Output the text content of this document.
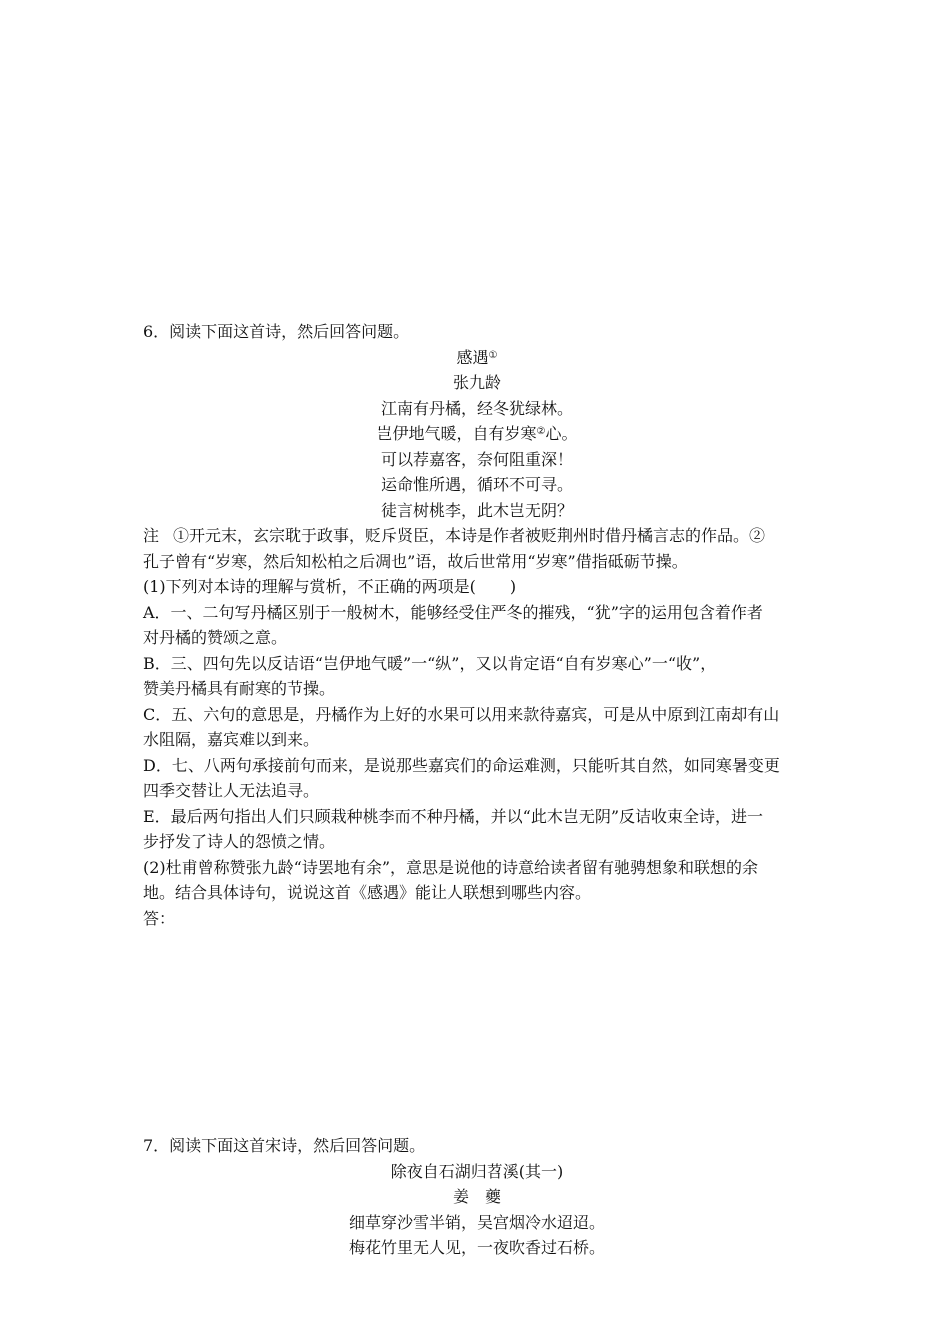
6．阅读下面这首诗，然后回答问题。

感遇①

张九龄

江南有丹橘，经冬犹绿林。

岂伊地气暖，自有岁寒②心。

可以荐嘉客，奈何阻重深！

运命惟所遇，循环不可寻。

徒言树桃李，此木岂无阴？

注 ①开元末，玄宗耽于政事，贬斥贤臣，本诗是作者被贬荆州时借丹橘言志的作品。②

孔子曾有“岁寒，然后知松柏之后凋也”语，故后世常用“岁寒”借指砥砺节操。

(1)下列对本诗的理解与赏析，不正确的两项是( )

A．一、二句写丹橘区别于一般树木，能够经受住严冬的摧残，“犹”字的运用包含着作者

对丹橘的赞颂之意。

B．三、四句先以反诘语“岂伊地气暖”一“纵”，又以肯定语“自有岁寒心”一“收”，

赞美丹橘具有耐寒的节操。

C．五、六句的意思是，丹橘作为上好的水果可以用来款待嘉宾，可是从中原到江南却有山

水阻隔，嘉宾难以到来。

D．七、八两句承接前句而来，是说那些嘉宾们的命运难测，只能听其自然，如同寒暑变更

四季交替让人无法追寻。

E．最后两句指出人们只顾栽种桃李而不种丹橘，并以“此木岂无阴”反诘收束全诗，进一

步抒发了诗人的怨愤之情。

(2)杜甫曾称赞张九龄“诗罢地有余”，意思是说他的诗意给读者留有驰骋想象和联想的余

地。结合具体诗句，说说这首《感遇》能让人联想到哪些内容。

答：

7．阅读下面这首宋诗，然后回答问题。

除夜自石湖归苕溪(其一)

姜　夔

细草穿沙雪半销，吴宫烟冷水迢迢。

梅花竹里无人见，一夜吹香过石桥。
